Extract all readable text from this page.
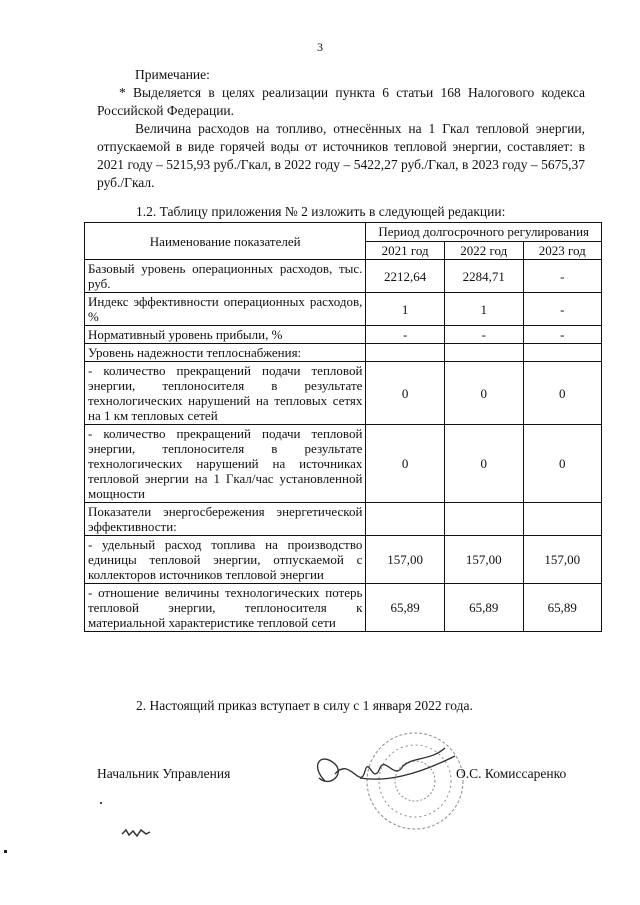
3

Примечание:

* Выделяется в целях реализации пункта 6 статьи 168 Налогового кодекса Российской Федерации.

Величина расходов на топливо, отнесённых на 1 Гкал тепловой энергии, отпускаемой в виде горячей воды от источников тепловой энергии, составляет: в 2021 году – 5215,93 руб./Гкал, в 2022 году – 5422,27 руб./Гкал, в 2023 году – 5675,37 руб./Гкал.

1.2. Таблицу приложения № 2 изложить в следующей редакции:
Наименование показателей	Период долгосрочного регулирования		
	2021 год	2022 год	2023 год
Базовый уровень операционных расходов, тыс. руб.	2212,64	2284,71	-
Индекс эффективности операционных расходов, %	1	1	-
Нормативный уровень прибыли, %	-	-	-
Уровень надежности теплоснабжения:			
- количество прекращений подачи тепловой энергии, теплоносителя в результате технологических нарушений на тепловых сетях на 1 км тепловых сетей	0	0	0
- количество прекращений подачи тепловой энергии, теплоносителя в результате технологических нарушений на источниках тепловой энергии на 1 Гкал/час установленной мощности	0	0	0
Показатели энергосбережения энергетической эффективности:			
- удельный расход топлива на производство единицы тепловой энергии, отпускаемой с коллекторов источников тепловой энергии	157,00	157,00	157,00
- отношение величины технологических потерь тепловой энергии, теплоносителя к материальной характеристике тепловой сети	65,89	65,89	65,89
2. Настоящий приказ вступает в силу с 1 января 2022 года.
Начальник Управления	О.С. Комиссаренко
